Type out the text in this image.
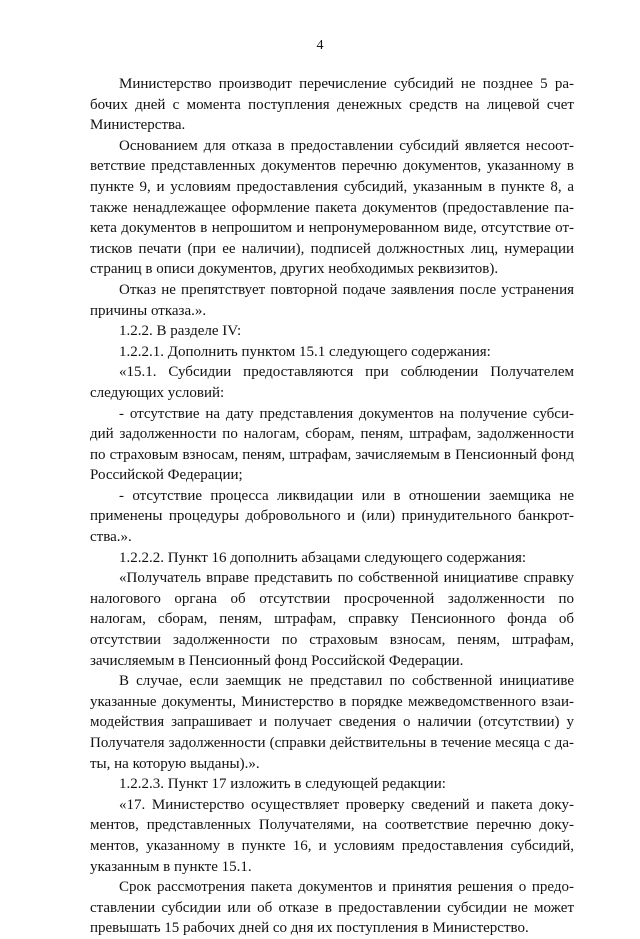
4

Министерство производит перечисление субсидий не позднее 5 рабочих дней с момента поступления денежных средств на лицевой счет Министерства.

Основанием для отказа в предоставлении субсидий является несоответствие представленных документов перечню документов, указанному в пункте 9, и условиям предоставления субсидий, указанным в пункте 8, а также ненадлежащее оформление пакета документов (предоставление пакета документов в непрошитом и непронумерованном виде, отсутствие оттисков печати (при ее наличии), подписей должностных лиц, нумерации страниц в описи документов, других необходимых реквизитов).

Отказ не препятствует повторной подаче заявления после устранения причины отказа.».

1.2.2. В разделе IV:

1.2.2.1. Дополнить пунктом 15.1 следующего содержания:

«15.1. Субсидии предоставляются при соблюдении Получателем следующих условий:

- отсутствие на дату представления документов на получение субсидий задолженности по налогам, сборам, пеням, штрафам, задолженности по страховым взносам, пеням, штрафам, зачисляемым в Пенсионный фонд Российской Федерации;

- отсутствие процесса ликвидации или в отношении заемщика не применены процедуры добровольного и (или) принудительного банкротства.».

1.2.2.2. Пункт 16 дополнить абзацами следующего содержания:

«Получатель вправе представить по собственной инициативе справку налогового органа об отсутствии просроченной задолженности по налогам, сборам, пеням, штрафам, справку Пенсионного фонда об отсутствии задолженности по страховым взносам, пеням, штрафам, зачисляемым в Пенсионный фонд Российской Федерации.

В случае, если заемщик не представил по собственной инициативе указанные документы, Министерство в порядке межведомственного взаимодействия запрашивает и получает сведения о наличии (отсутствии) у Получателя задолженности (справки действительны в течение месяца с даты, на которую выданы).».

1.2.2.3. Пункт 17 изложить в следующей редакции:

«17. Министерство осуществляет проверку сведений и пакета документов, представленных Получателями, на соответствие перечню документов, указанному в пункте 16, и условиям предоставления субсидий, указанным в пункте 15.1.

Срок рассмотрения пакета документов и принятия решения о предоставлении субсидии или об отказе в предоставлении субсидии не может превышать 15 рабочих дней со дня их поступления в Министерство.
